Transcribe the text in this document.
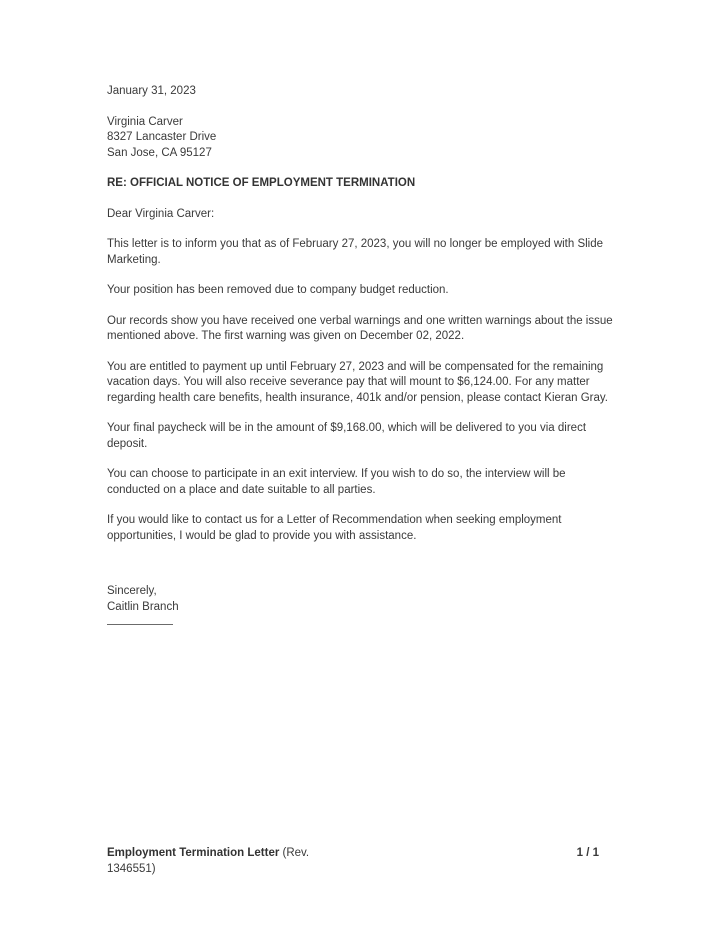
January 31, 2023
Virginia Carver
8327 Lancaster Drive
San Jose, CA 95127
RE: OFFICIAL NOTICE OF EMPLOYMENT TERMINATION
Dear Virginia Carver:

This letter is to inform you that as of February 27, 2023, you will no longer be employed with Slide Marketing.

Your position has been removed due to company budget reduction.

Our records show you have received one verbal warnings and one written warnings about the issue mentioned above. The first warning was given on December 02, 2022.

You are entitled to payment up until February 27, 2023 and will be compensated for the remaining vacation days. You will also receive severance pay that will mount to $6,124.00. For any matter regarding health care benefits, health insurance, 401k and/or pension, please contact Kieran Gray.

Your final paycheck will be in the amount of $9,168.00, which will be delivered to you via direct deposit.

You can choose to participate in an exit interview. If you wish to do so, the interview will be conducted on a place and date suitable to all parties.

If you would like to contact us for a Letter of Recommendation when seeking employment opportunities, I would be glad to provide you with assistance.

Sincerely,
Caitlin Branch
Employment Termination Letter (Rev. 1346551)
1 / 1
